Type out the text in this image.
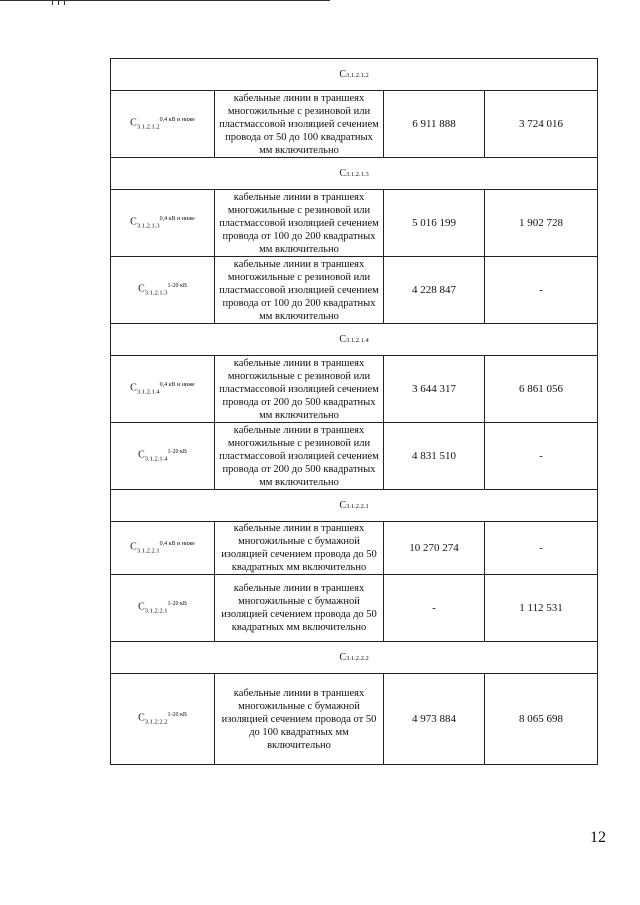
С3.1.2.1.2			
$С_{3.1.2.1.2}^{0,4 кВ и ниже}$	кабельные линии в траншеях многожильные с резиновой или пластмассовой изоляцией сечением провода от 50 до 100 квадратных мм включительно	6 911 888	3 724 016
С3.1.2.1.3			
$С_{3.1.2.1.3}^{0,4 кВ и ниже}$	кабельные линии в траншеях многожильные с резиновой или пластмассовой изоляцией сечением провода от 100 до 200 квадратных мм включительно	5 016 199	1 902 728
$С_{3.1.2.1.3}^{1-20 кВ}$	кабельные линии в траншеях многожильные с резиновой или пластмассовой изоляцией сечением провода от 100 до 200 квадратных мм включительно	4 228 847	-
С3.1.2.1.4			
$С_{3.1.2.1.4}^{0,4 кВ и ниже}$	кабельные линии в траншеях многожильные с резиновой или пластмассовой изоляцией сечением провода от 200 до 500 квадратных мм включительно	3 644 317	6 861 056
$С_{3.1.2.1.4}^{1-20 кВ}$	кабельные линии в траншеях многожильные с резиновой или пластмассовой изоляцией сечением провода от 200 до 500 квадратных мм включительно	4 831 510	-
С3.1.2.2.1			
$С_{3.1.2.2.1}^{0,4 кВ и ниже}$	кабельные линии в траншеях многожильные с бумажной изоляцией сечением провода до 50 квадратных мм включительно	10 270 274	-
$С_{3.1.2.2.1}^{1-20 кВ}$	кабельные линии в траншеях многожильные с бумажной изоляцией сечением провода до 50 квадратных мм включительно	-	1 112 531
С3.1.2.2.2			
$С_{3.1.2.2.2}^{1-20 кВ}$	кабельные линии в траншеях многожильные с бумажной изоляцией сечением провода от 50 до 100 квадратных мм включительно	4 973 884	8 065 698
12
